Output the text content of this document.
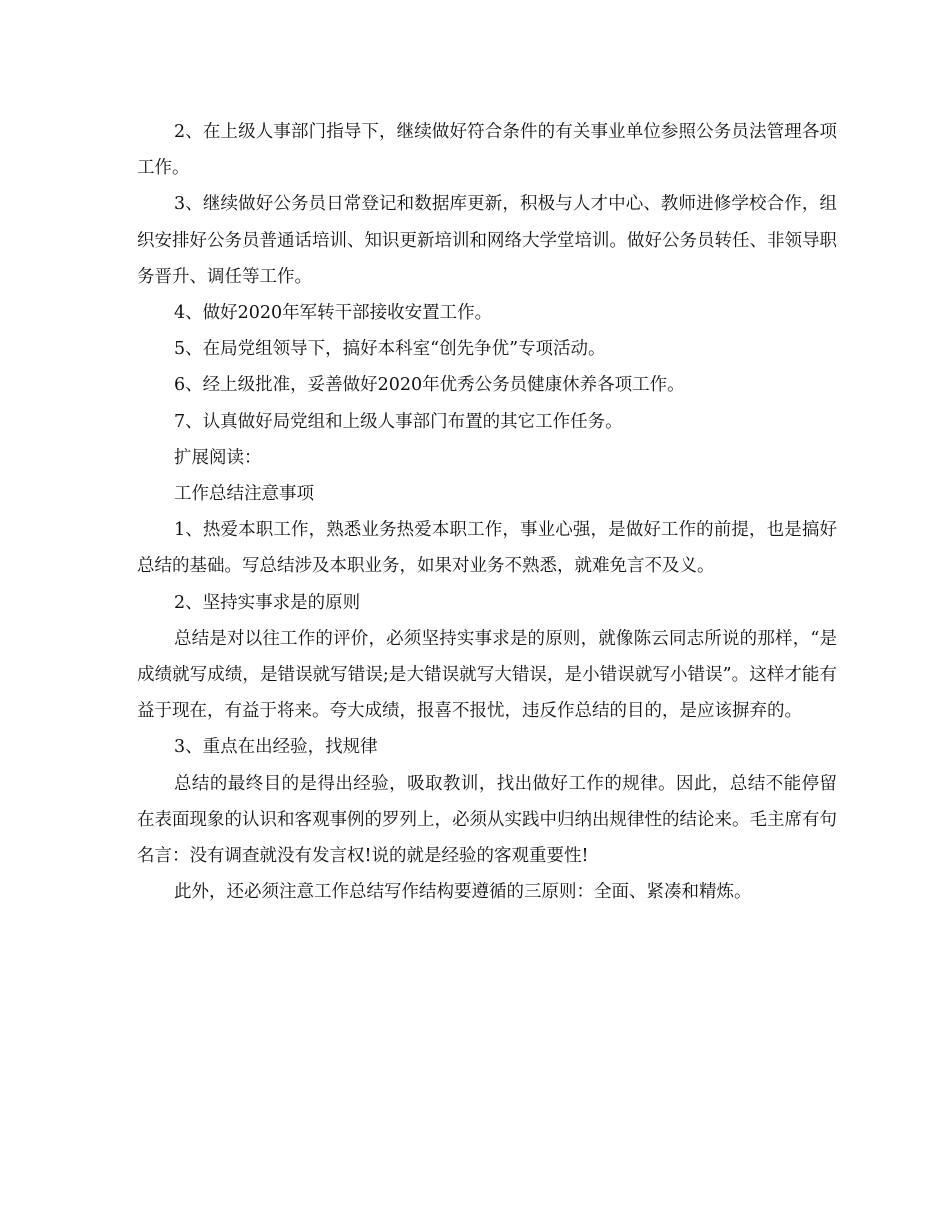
2、在上级人事部门指导下，继续做好符合条件的有关事业单位参照公务员法管理各项工作。

3、继续做好公务员日常登记和数据库更新，积极与人才中心、教师进修学校合作，组织安排好公务员普通话培训、知识更新培训和网络大学堂培训。做好公务员转任、非领导职务晋升、调任等工作。

4、做好2020年军转干部接收安置工作。

5、在局党组领导下，搞好本科室“创先争优”专项活动。

6、经上级批准，妥善做好2020年优秀公务员健康休养各项工作。

7、认真做好局党组和上级人事部门布置的其它工作任务。

扩展阅读：

工作总结注意事项

1、热爱本职工作，熟悉业务热爱本职工作，事业心强，是做好工作的前提，也是搞好总结的基础。写总结涉及本职业务，如果对业务不熟悉，就难免言不及义。

2、坚持实事求是的原则

总结是对以往工作的评价，必须坚持实事求是的原则，就像陈云同志所说的那样，“是成绩就写成绩，是错误就写错误;是大错误就写大错误，是小错误就写小错误”。这样才能有益于现在，有益于将来。夸大成绩，报喜不报忧，违反作总结的目的，是应该摒弃的。

3、重点在出经验，找规律

总结的最终目的是得出经验，吸取教训，找出做好工作的规律。因此，总结不能停留在表面现象的认识和客观事例的罗列上，必须从实践中归纳出规律性的结论来。毛主席有句名言：没有调查就没有发言权!说的就是经验的客观重要性!

此外，还必须注意工作总结写作结构要遵循的三原则：全面、紧凑和精炼。
